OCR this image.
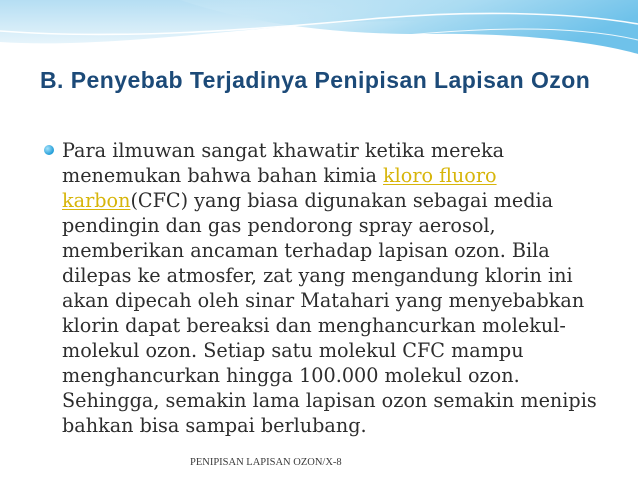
B. Penyebab Terjadinya Penipisan Lapisan Ozon
Para ilmuwan sangat khawatir ketika mereka
menemukan bahwa bahan kimia kloro fluoro
karbon(CFC) yang biasa digunakan sebagai media
pendingin dan gas pendorong spray aerosol,
memberikan ancaman terhadap lapisan ozon. Bila
dilepas ke atmosfer, zat yang mengandung klorin ini
akan dipecah oleh sinar Matahari yang menyebabkan
klorin dapat bereaksi dan menghancurkan molekul-
molekul ozon. Setiap satu molekul CFC mampu
menghancurkan hingga 100.000 molekul ozon.
Sehingga, semakin lama lapisan ozon semakin menipis
bahkan bisa sampai berlubang.
PENIPISAN LAPISAN OZON/X-8
